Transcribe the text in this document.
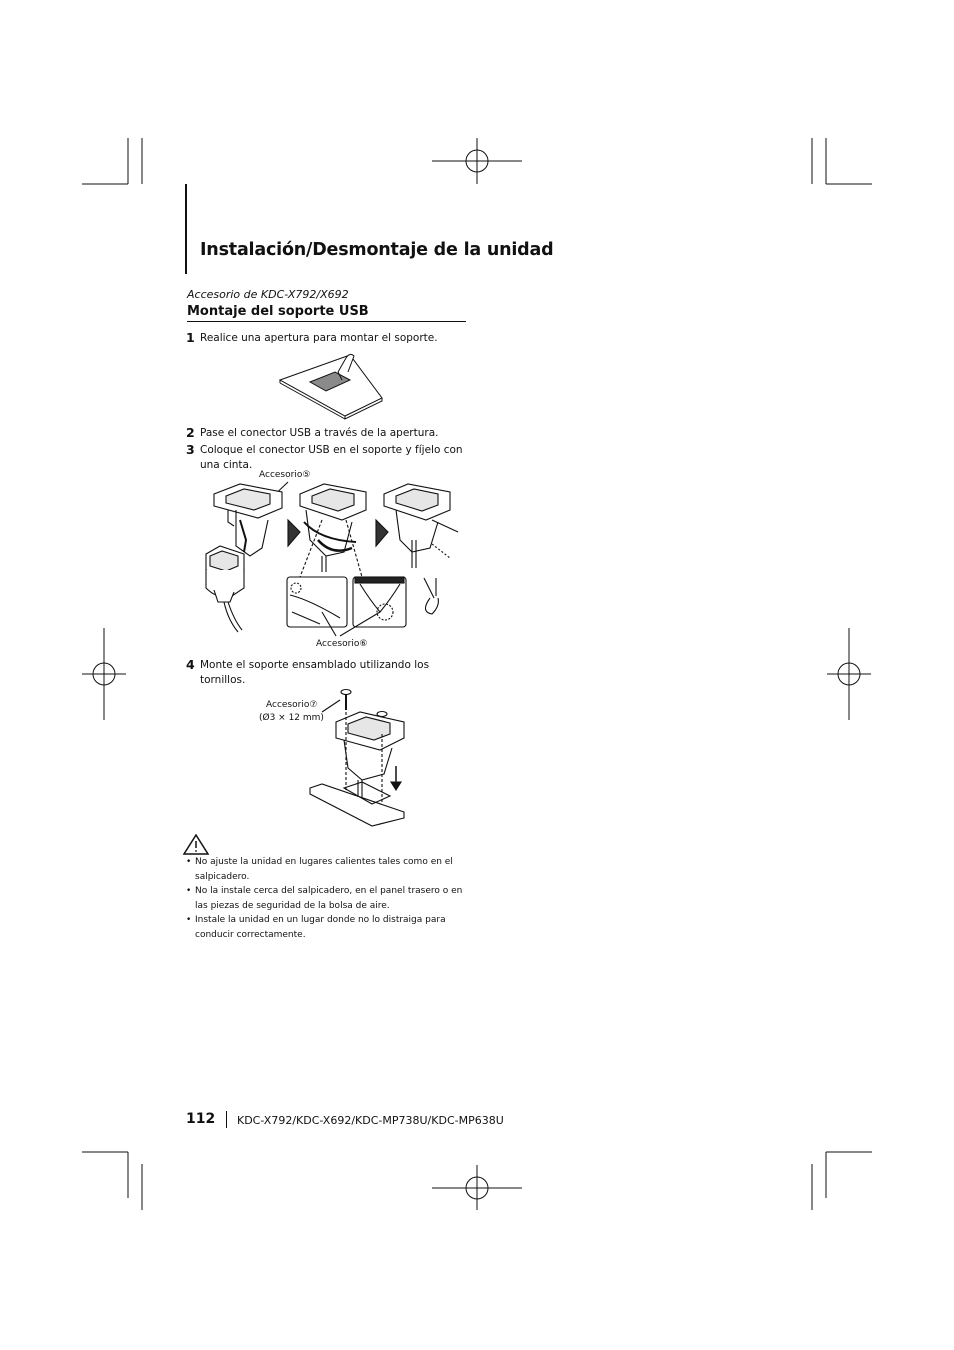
Instalación/Desmontaje de la unidad
Accesorio de KDC-X792/X692
Montaje del soporte USB
1 Realice una apertura para montar el soporte.
2 Pase el conector USB a través de la apertura.
3 Coloque el conector USB en el soporte y fíjelo con una cinta.
Accesorio⑤
Accesorio⑥
4 Monte el soporte ensamblado utilizando los tornillos.
Accesorio⑦
(Ø3 × 12 mm)
• No ajuste la unidad en lugares calientes tales como en el salpicadero.
• No la instale cerca del salpicadero, en el panel trasero o en las piezas de seguridad de la bolsa de aire.
• Instale la unidad en un lugar donde no lo distraiga para conducir correctamente.
112 KDC-X792/KDC-X692/KDC-MP738U/KDC-MP638U
